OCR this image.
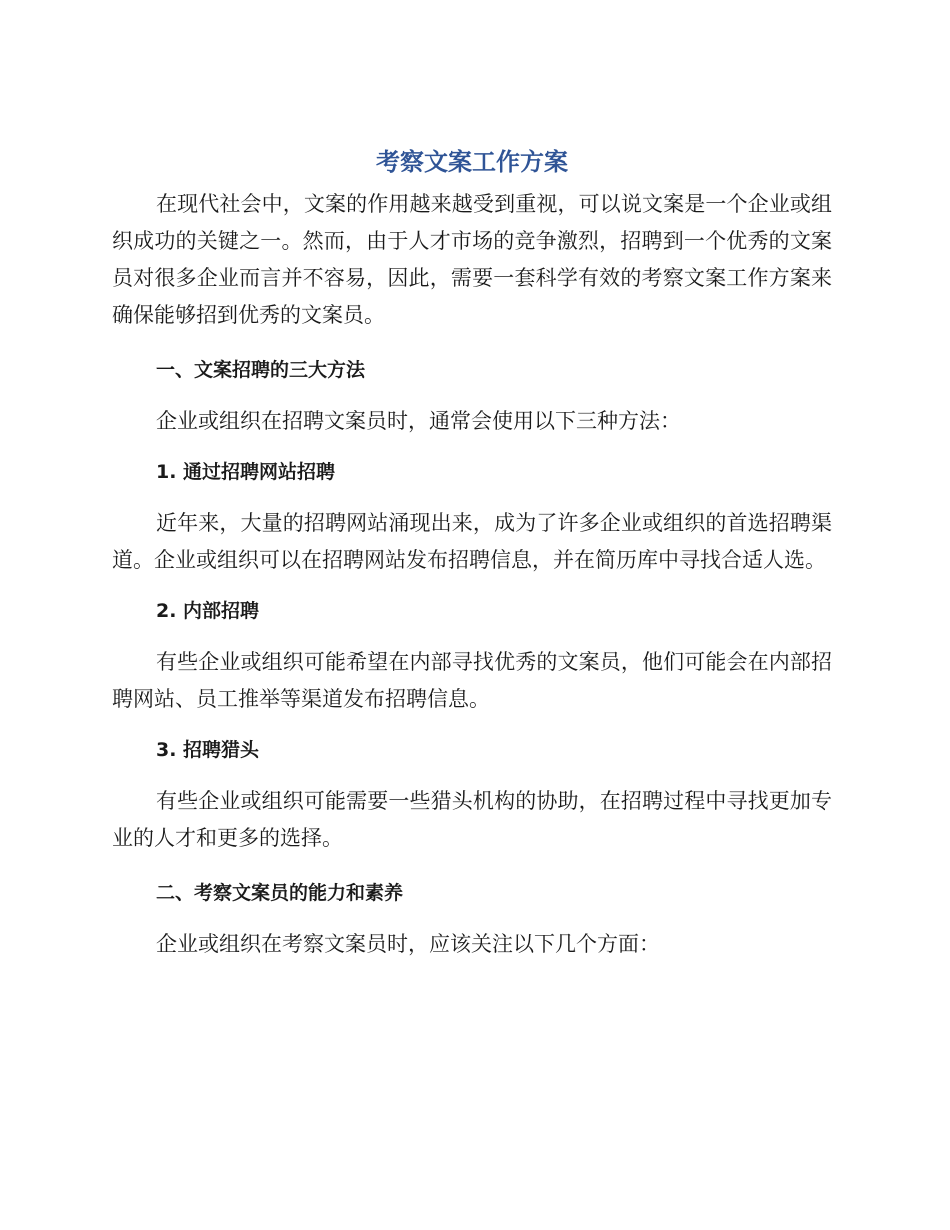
考察文案工作方案

在现代社会中，文案的作用越来越受到重视，可以说文案是一个企业或组织成功的关键之一。然而，由于人才市场的竞争激烈，招聘到一个优秀的文案员对很多企业而言并不容易，因此，需要一套科学有效的考察文案工作方案来确保能够招到优秀的文案员。

一、文案招聘的三大方法

企业或组织在招聘文案员时，通常会使用以下三种方法：

1. 通过招聘网站招聘

近年来，大量的招聘网站涌现出来，成为了许多企业或组织的首选招聘渠道。企业或组织可以在招聘网站发布招聘信息，并在简历库中寻找合适人选。

2. 内部招聘

有些企业或组织可能希望在内部寻找优秀的文案员，他们可能会在内部招聘网站、员工推举等渠道发布招聘信息。

3. 招聘猎头

有些企业或组织可能需要一些猎头机构的协助，在招聘过程中寻找更加专业的人才和更多的选择。

二、考察文案员的能力和素养

企业或组织在考察文案员时，应该关注以下几个方面：
